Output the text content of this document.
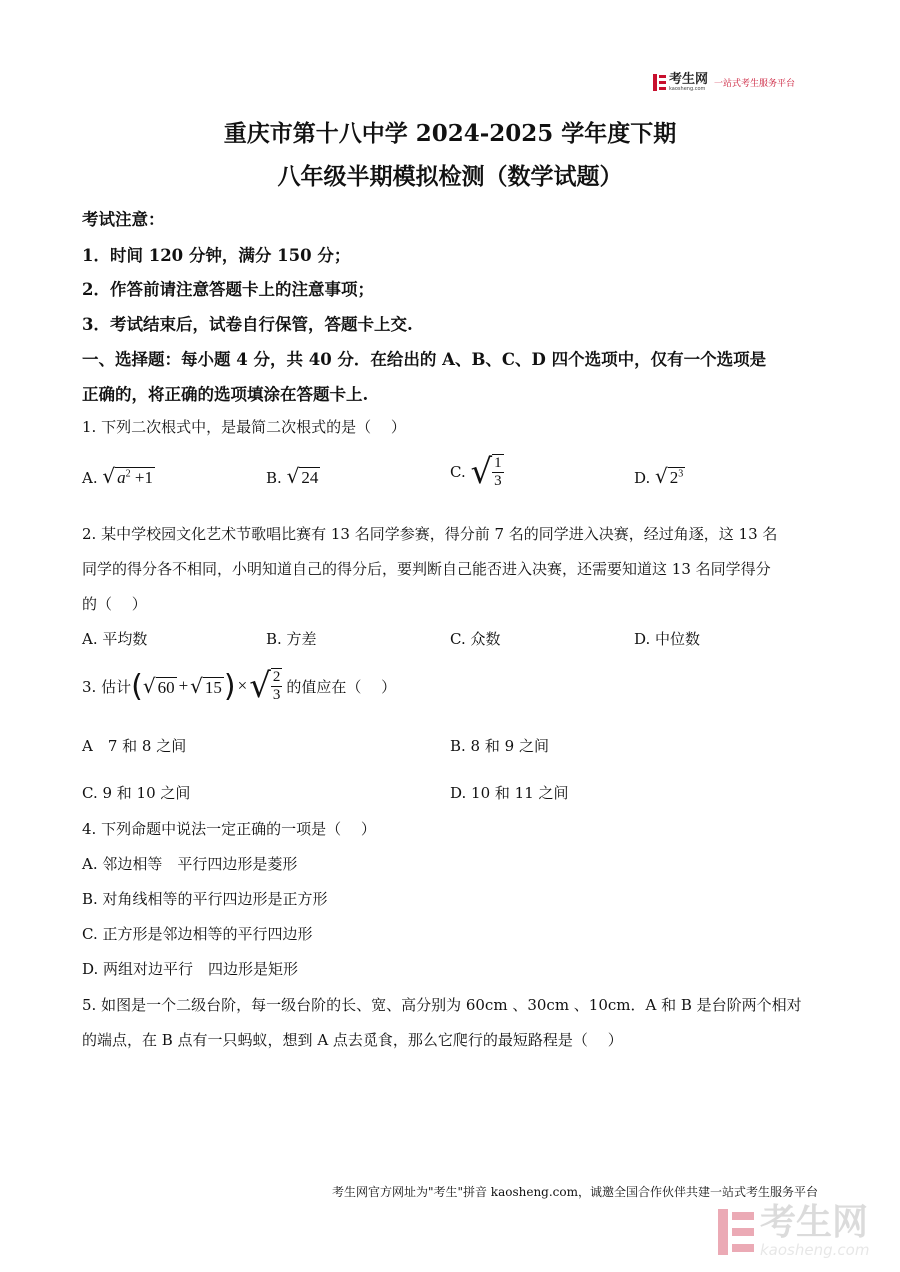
考生网
kaosheng.com 一站式考生服务平台
重庆市第十八中学 2024-2025 学年度下期
八年级半期模拟检测（数学试题）
考试注意：
1．时间 120 分钟，满分 150 分；
2．作答前请注意答题卡上的注意事项；
3．考试结束后，试卷自行保管，答题卡上交.
一、选择题：每小题 4 分，共 40 分．在给出的 A、B、C、D 四个选项中，仅有一个选项是
正确的，将正确的选项填涂在答题卡上.
1. 下列二次根式中，是最简二次根式的是（　 ）
A. √ $a^2 +1$	B. √ 24	C. √ $\frac{1}{3}$	D. √ $2^3$
2. 某中学校园文化艺术节歌唱比赛有 13 名同学参赛，得分前 7 名的同学进入决赛，经过角逐，这 13 名
同学的得分各不相同，小明知道自己的得分后，要判断自己能否进入决赛，还需要知道这 13 名同学得分
的（　 ）
A. 平均数	B. 方差	C. 众数	D. 中位数
3. 估计 ( √ 60 + √ 15 ) × √ $\frac{2}{3}$ 的值应在（　 ）
A　7 和 8 之间	B. 8 和 9 之间
C. 9 和 10 之间	D. 10 和 11 之间
4. 下列命题中说法一定正确的一项是（　 ）
A. 邻边相等　平行四边形是菱形
B. 对角线相等的平行四边形是正方形
C. 正方形是邻边相等的平行四边形
D. 两组对边平行　四边形是矩形
5. 如图是一个二级台阶，每一级台阶的长、宽、高分别为 60cm 、30cm 、10cm．A 和 B 是台阶两个相对
的端点，在 B 点有一只蚂蚁，想到 A 点去觅食，那么它爬行的最短路程是（　 ）
考生网官方网址为"考生"拼音 kaosheng.com，诚邀全国合作伙伴共建一站式考生服务平台
考生网
kaosheng.com
